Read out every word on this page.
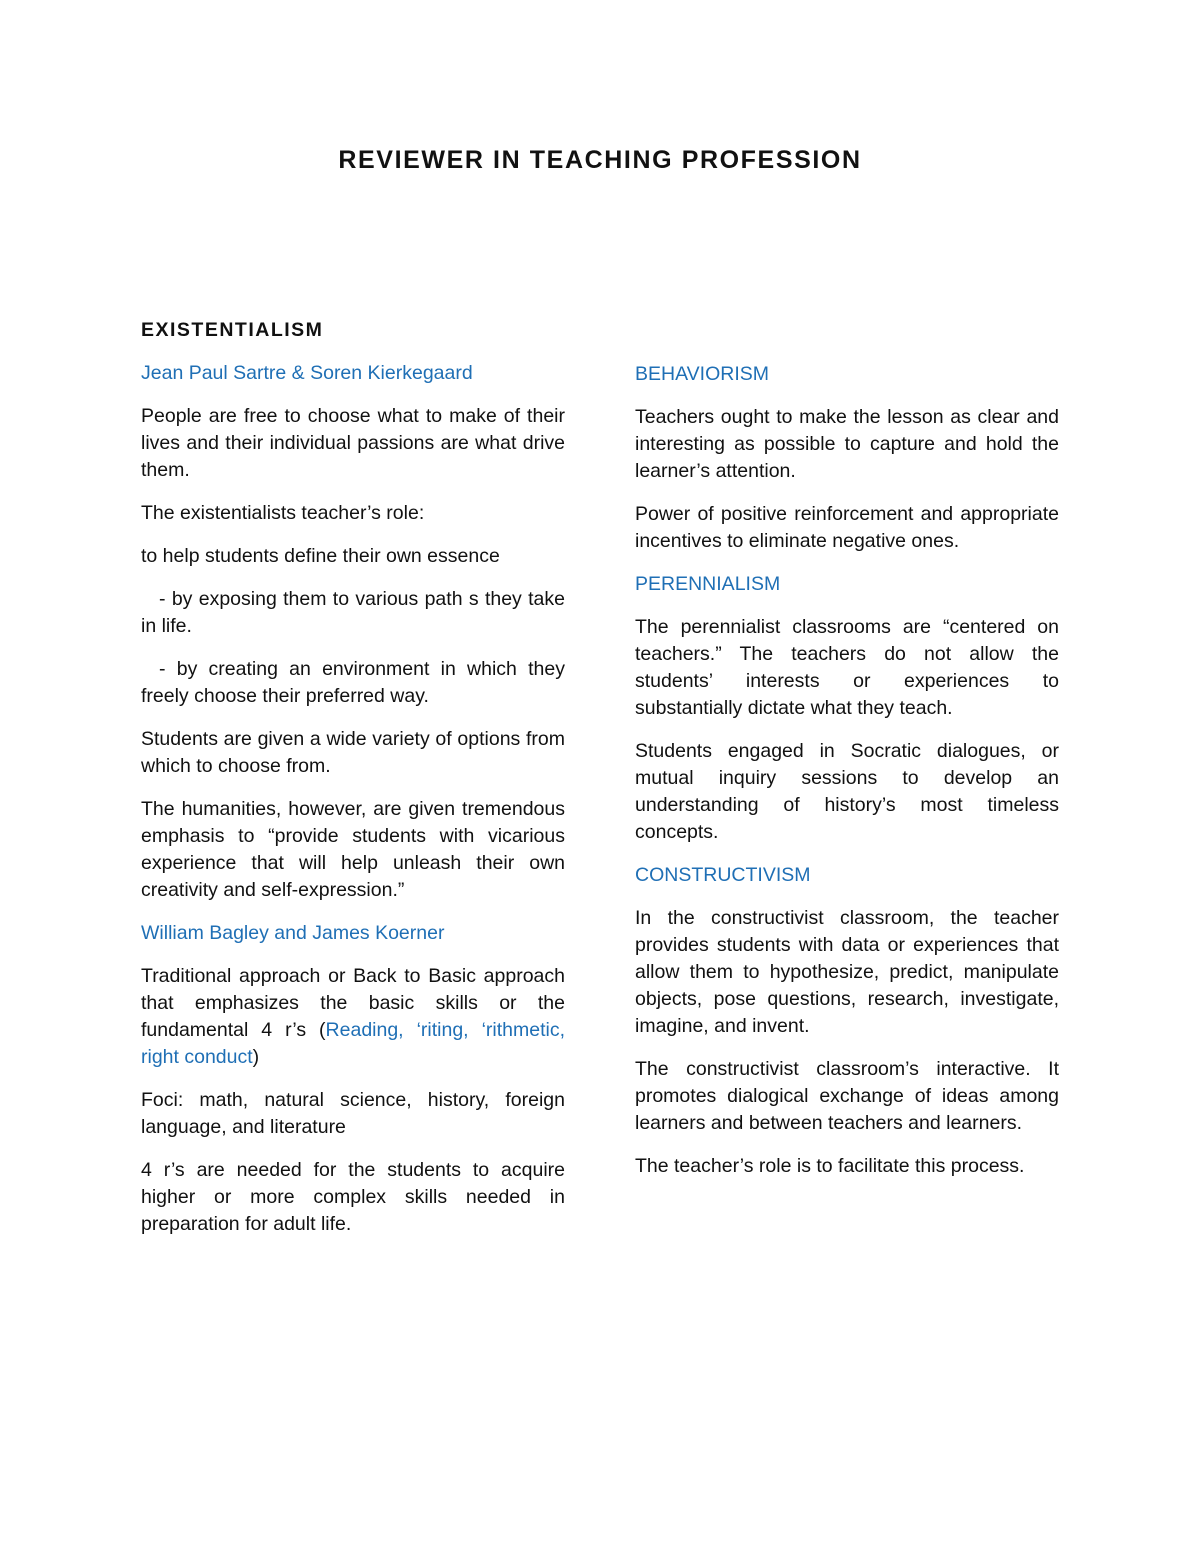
REVIEWER IN TEACHING PROFESSION
EXISTENTIALISM
Jean Paul Sartre & Soren Kierkegaard

People are free to choose what to make of their lives and their individual passions are what drive them.

The existentialists teacher’s role:

to help students define their own essence

- by exposing them to various path s they take in life.

- by creating an environment in which they freely choose their preferred way.

Students are given a wide variety of options from which to choose from.

The humanities, however, are given tremendous emphasis to “provide students with vicarious experience that will help unleash their own creativity and self-expression.”

William Bagley and James Koerner

Traditional approach or Back to Basic approach that emphasizes the basic skills or the fundamental 4 r’s (Reading, ‘riting, ‘rithmetic, right conduct)

Foci: math, natural science, history, foreign language, and literature

4 r’s are needed for the students to acquire higher or more complex skills needed in preparation for adult life.

BEHAVIORISM

Teachers ought to make the lesson as clear and interesting as possible to capture and hold the learner’s attention.

Power of positive reinforcement and appropriate incentives to eliminate negative ones.

PERENNIALISM

The perennialist classrooms are “centered on teachers.” The teachers do not allow the students’ interests or experiences to substantially dictate what they teach.

Students engaged in Socratic dialogues, or mutual inquiry sessions to develop an understanding of history’s most timeless concepts.

CONSTRUCTIVISM

In the constructivist classroom, the teacher provides students with data or experiences that allow them to hypothesize, predict, manipulate objects, pose questions, research, investigate, imagine, and invent.

The constructivist classroom’s interactive. It promotes dialogical exchange of ideas among learners and between teachers and learners.

The teacher’s role is to facilitate this process.
